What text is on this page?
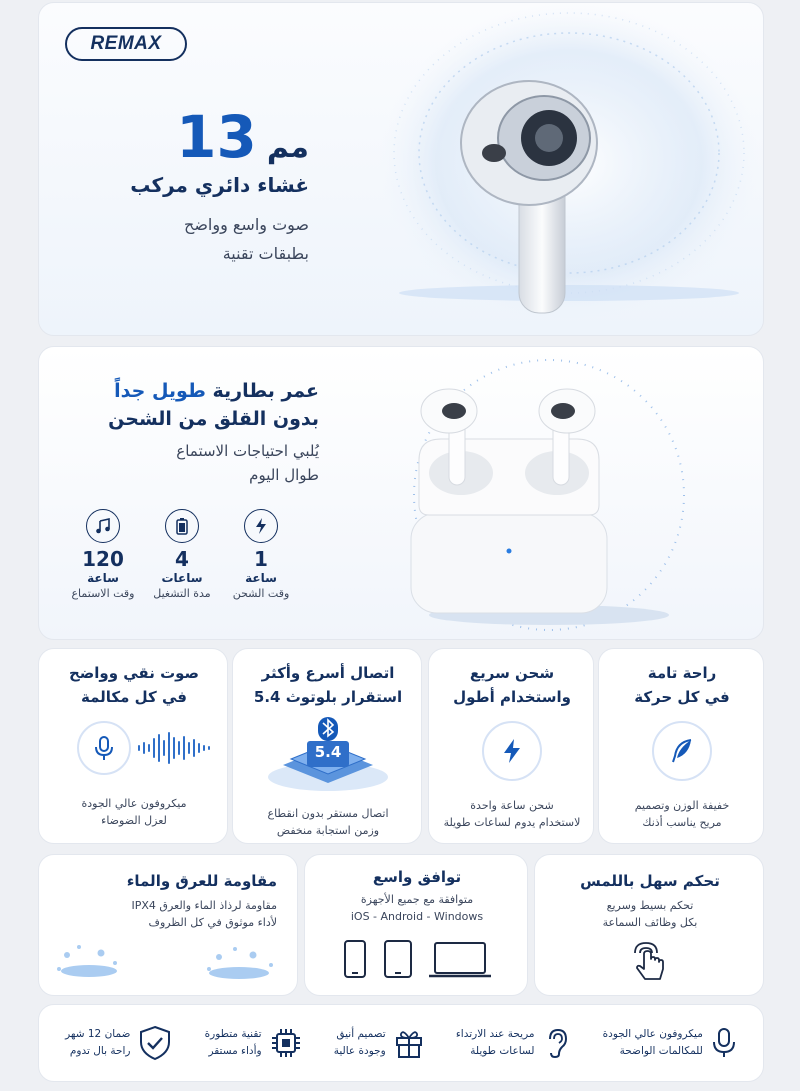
REMAX
مم
13
غشاء دائري مركب
صوت واسع وواضح
بطبقات تقنية
عمر بطارية طويل جداً
بدون القلق من الشحن
يُلبي احتياجات الاستماع
طوال اليوم
1
ساعة
وقت الشحن
4
ساعات
مدة التشغيل
120
ساعة
وقت الاستماع
صوت نقي وواضح
في كل مكالمة
ميكروفون عالي الجودة
لعزل الضوضاء
اتصال أسرع وأكثر
استقرار بلوتوث 5.4
5.4
اتصال مستقر بدون انقطاع
وزمن استجابة منخفض
شحن سريع
واستخدام أطول
شحن ساعة واحدة
لاستخدام يدوم لساعات طويلة
راحة تامة
في كل حركة
خفيفة الوزن وتصميم
مريح يناسب أذنك
مقاومة للعرق والماء
مقاومة لرذاذ الماء والعرق IPX4
لأداء موثوق في كل الظروف
توافق واسع
متوافقة مع جميع الأجهزة
iOS - Android - Windows
تحكم سهل باللمس
تحكم بسيط وسريع
بكل وظائف السماعة
ميكروفون عالي الجودة
للمكالمات الواضحة
مريحة عند الارتداء
لساعات طويلة
تصميم أنيق
وجودة عالية
تقنية متطورة
وأداء مستقر
ضمان 12 شهر
راحة بال تدوم
